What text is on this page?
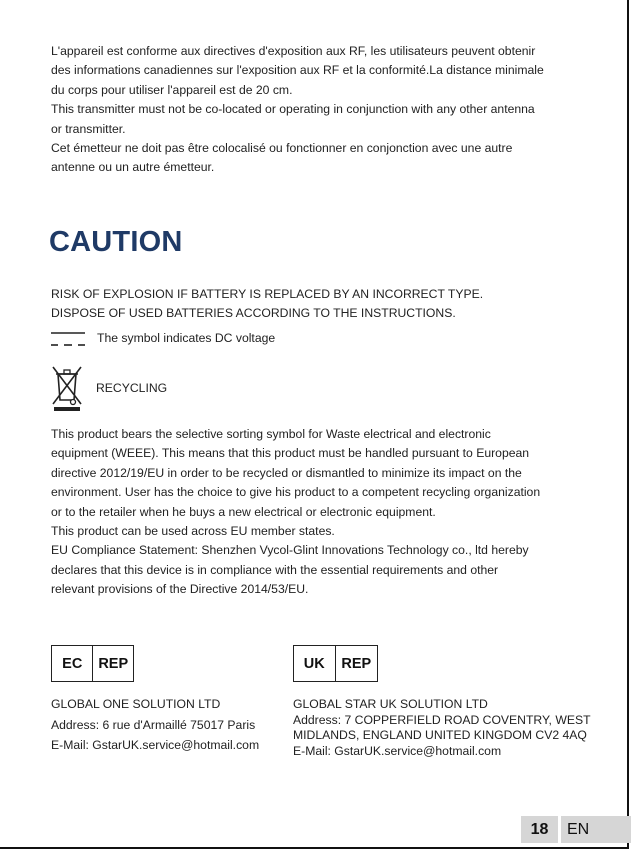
L'appareil est conforme aux directives d'exposition aux RF, les utilisateurs peuvent obtenir

des informations canadiennes sur l'exposition aux RF et la conformité.La distance minimale

du corps pour utiliser l'appareil est de 20 cm.

This transmitter must not be co-located or operating in conjunction with any other antenna

or transmitter.

Cet émetteur ne doit pas être colocalisé ou fonctionner en conjonction avec une autre

antenne ou un autre émetteur.

CAUTION

RISK OF EXPLOSION IF BATTERY IS REPLACED BY AN INCORRECT TYPE.

DISPOSE OF USED BATTERIES ACCORDING TO THE INSTRUCTIONS.

The symbol indicates DC voltage
RECYCLING

This product bears the selective sorting symbol for Waste electrical and electronic

equipment (WEEE). This means that this product must be handled pursuant to European

directive 2012/19/EU in order to be recycled or dismantled to minimize its impact on the

environment. User has the choice to give his product to a competent recycling organization

or to the retailer when he buys a new electrical or electronic equipment.

This product can be used across EU member states.

EU Compliance Statement: Shenzhen Vycol-Glint Innovations Technology co., ltd hereby

declares that this device is in compliance with the essential requirements and other

relevant provisions of the Directive 2014/53/EU.

EC	REP	UK	REP

GLOBAL ONE SOLUTION LTD

Address: 6 rue d'Armaillé 75017 Paris

E-Mail: GstarUK.service@hotmail.com

GLOBAL STAR UK SOLUTION LTD

Address: 7 COPPERFIELD ROAD COVENTRY, WEST

MIDLANDS, ENGLAND UNITED KINGDOM CV2 4AQ

E-Mail: GstarUK.service@hotmail.com

18	EN
